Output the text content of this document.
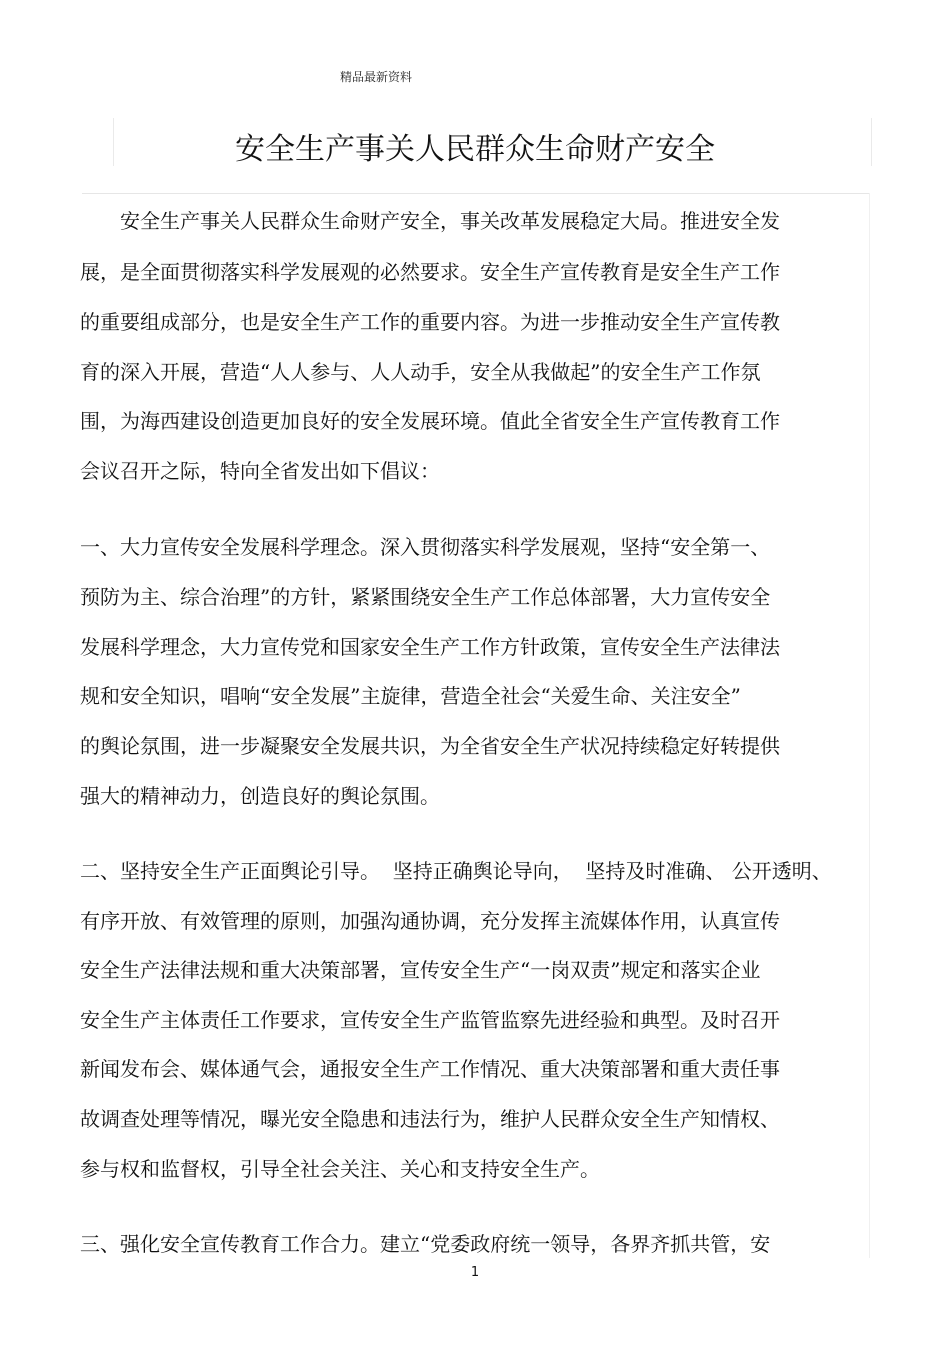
精品最新资料
安全生产事关人民群众生命财产安全
　　安全生产事关人民群众生命财产安全，事关改革发展稳定大局。推进安全发
展，是全面贯彻落实科学发展观的必然要求。安全生产宣传教育是安全生产工作
的重要组成部分，也是安全生产工作的重要内容。为进一步推动安全生产宣传教
育的深入开展，营造“人人参与、人人动手，安全从我做起”的安全生产工作氛
围，为海西建设创造更加良好的安全发展环境。值此全省安全生产宣传教育工作
会议召开之际，特向全省发出如下倡议：
一、大力宣传安全发展科学理念。深入贯彻落实科学发展观，坚持“安全第一、
预防为主、综合治理”的方针，紧紧围绕安全生产工作总体部署，大力宣传安全
发展科学理念，大力宣传党和国家安全生产工作方针政策，宣传安全生产法律法
规和安全知识，唱响“安全发展”主旋律，营造全社会“关爱生命、关注安全”
的舆论氛围，进一步凝聚安全发展共识，为全省安全生产状况持续稳定好转提供
强大的精神动力，创造良好的舆论氛围。
二、坚持安全生产正面舆论引导。  坚持正确舆论导向，  坚持及时准确、 公开透明、
有序开放、有效管理的原则，加强沟通协调，充分发挥主流媒体作用，认真宣传
安全生产法律法规和重大决策部署，宣传安全生产“一岗双责”规定和落实企业
安全生产主体责任工作要求，宣传安全生产监管监察先进经验和典型。及时召开
新闻发布会、媒体通气会，通报安全生产工作情况、重大决策部署和重大责任事
故调查处理等情况，曝光安全隐患和违法行为，维护人民群众安全生产知情权、
参与权和监督权，引导全社会关注、关心和支持安全生产。
三、强化安全宣传教育工作合力。建立“党委政府统一领导，各界齐抓共管，安
1
